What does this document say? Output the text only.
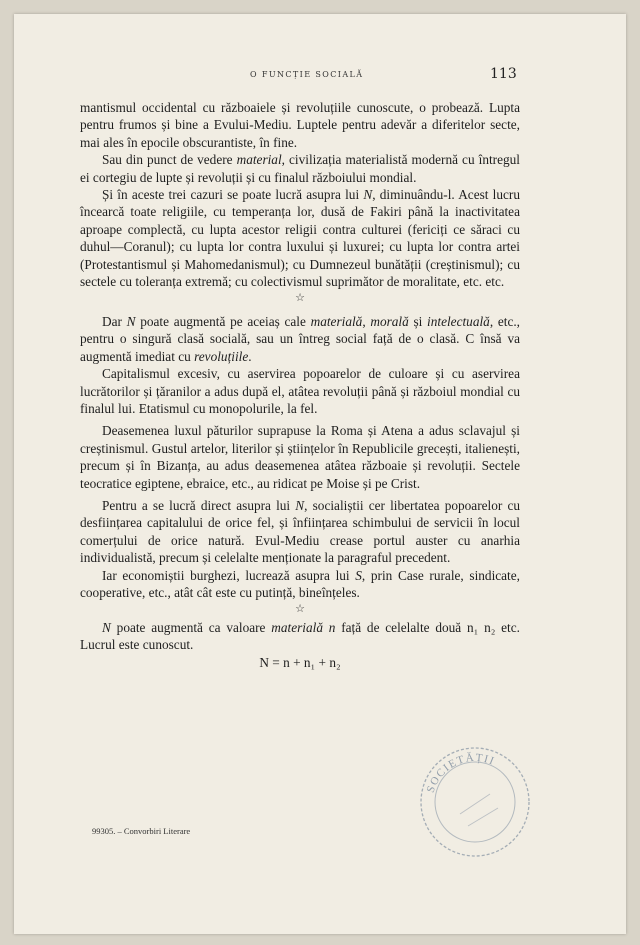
O FUNCȚIE SOCIALĂ	113

mantismul occidental cu războaiele și revoluțiile cunoscute, o probează. Lupta pentru frumos și bine a Evului-Mediu. Luptele pentru adevăr a diferitelor secte, mai ales în epocile obscurantiste, în fine.

Sau din punct de vedere material, civilizația materialistă modernă cu întregul ei cortegiu de lupte și revoluții și cu finalul războiului mondial.

Și în aceste trei cazuri se poate lucră asupra lui N, diminuându-l. Acest lucru încearcă toate religiile, cu temperanța lor, dusă de Fakiri până la inactivitatea aproape complectă, cu lupta acestor religii contra culturei (fericiți ce săraci cu duhul—Coranul); cu lupta lor contra luxului și luxurei; cu lupta lor contra artei (Protestantismul și Mahomedanismul); cu Dumnezeul bunătății (creștinismul); cu sectele cu toleranța extremă; cu colectivismul suprimător de moralitate, etc. etc.

☆

Dar N poate augmentă pe aceiaș cale materială, morală și intelectuală, etc., pentru o singură clasă socială, sau un întreg social față de o clasă. C însă va augmentă imediat cu revoluțiile.

Capitalismul excesiv, cu aservirea popoarelor de culoare și cu aservirea lucrătorilor și țăranilor a adus după el, atâtea revoluții până și războiul mondial cu finalul lui. Etatismul cu monopolurile, la fel.

Deasemenea luxul păturilor suprapuse la Roma și Atena a adus sclavajul și creștinismul. Gustul artelor, literilor și științelor în Republicile grecești, italienești, precum și în Bizanța, au adus deasemenea atâtea războaie și revoluții. Sectele teocratice egiptene, ebraice, etc., au ridicat pe Moise și pe Crist.

Pentru a se lucră direct asupra lui N, socialiștii cer libertatea popoarelor cu desființarea capitalului de orice fel, și înființarea schimbului de servicii în locul comerțului de orice natură. Evul-Mediu crease portul auster cu anarhia individualistă, precum și celelalte menționate la paragraful precedent.

Iar economiștii burghezi, lucrează asupra lui S, prin Case rurale, sindicate, cooperative, etc., atât cât este cu putință, bineînțeles.

☆

N poate augmentă ca valoare materială n față de celelalte două n₁ n₂ etc. Lucrul este cunoscut.

N = n + n₁ + n₂

99305. – Convorbiri Literare
SOCIETĂȚII
